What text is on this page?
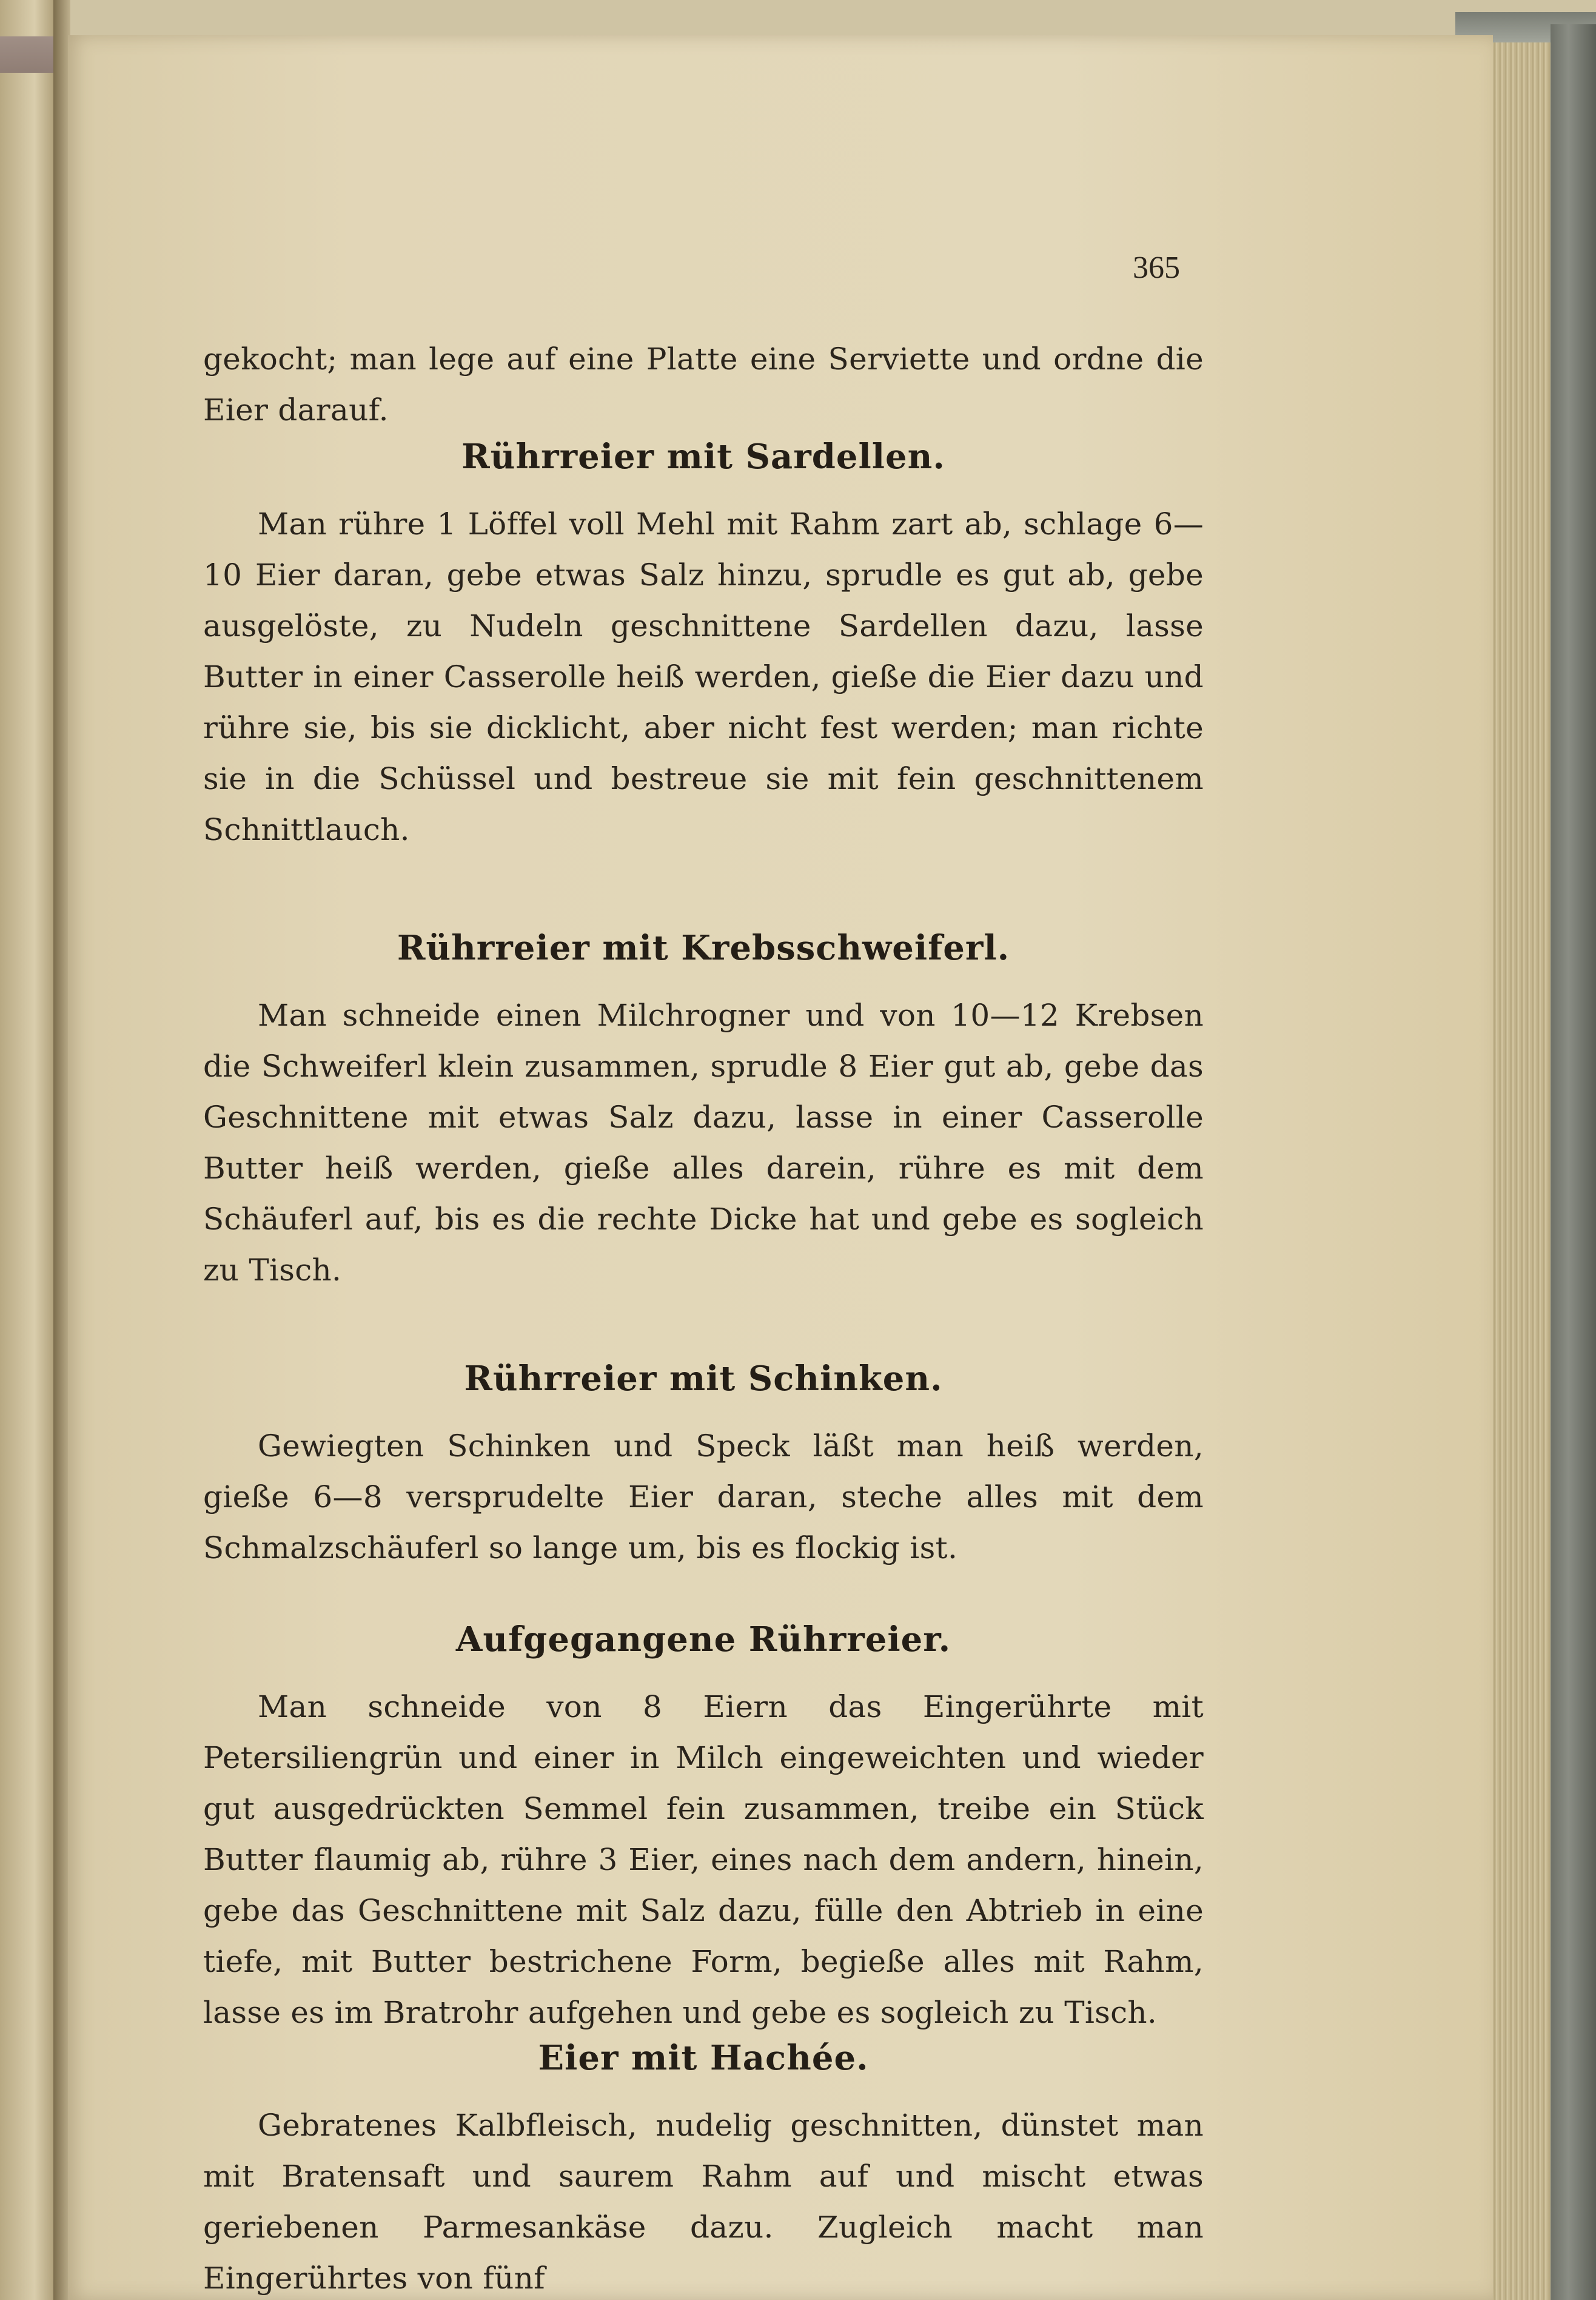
365

gekocht; man lege auf eine Platte eine Serviette und ordne die Eier darauf.

Rührreier mit Sardellen.

Man rühre 1 Löffel voll Mehl mit Rahm zart ab, schlage 6—10 Eier daran, gebe etwas Salz hinzu, sprudle es gut ab, gebe ausgelöste, zu Nudeln geschnittene Sardellen dazu, lasse Butter in einer Casserolle heiß werden, gieße die Eier dazu und rühre sie, bis sie dicklicht, aber nicht fest werden; man richte sie in die Schüssel und bestreue sie mit fein geschnittenem Schnittlauch.

Rührreier mit Krebsschweiferl.

Man schneide einen Milchrogner und von 10—12 Krebsen die Schweiferl klein zusammen, sprudle 8 Eier gut ab, gebe das Geschnittene mit etwas Salz dazu, lasse in einer Casserolle Butter heiß werden, gieße alles darein, rühre es mit dem Schäuferl auf, bis es die rechte Dicke hat und gebe es sogleich zu Tisch.

Rührreier mit Schinken.

Gewiegten Schinken und Speck läßt man heiß werden, gieße 6—8 versprudelte Eier daran, steche alles mit dem Schmalzschäuferl so lange um, bis es flockig ist.

Aufgegangene Rührreier.

Man schneide von 8 Eiern das Eingerührte mit Petersiliengrün und einer in Milch eingeweichten und wieder gut ausgedrückten Semmel fein zusammen, treibe ein Stück Butter flaumig ab, rühre 3 Eier, eines nach dem andern, hinein, gebe das Geschnittene mit Salz dazu, fülle den Abtrieb in eine tiefe, mit Butter bestrichene Form, begieße alles mit Rahm, lasse es im Bratrohr aufgehen und gebe es sogleich zu Tisch.

Eier mit Hachée.

Gebratenes Kalbfleisch, nudelig geschnitten, dünstet man mit Bratensaft und saurem Rahm auf und mischt etwas geriebenen Parmesankäse dazu. Zugleich macht man Eingerührtes von fünf
